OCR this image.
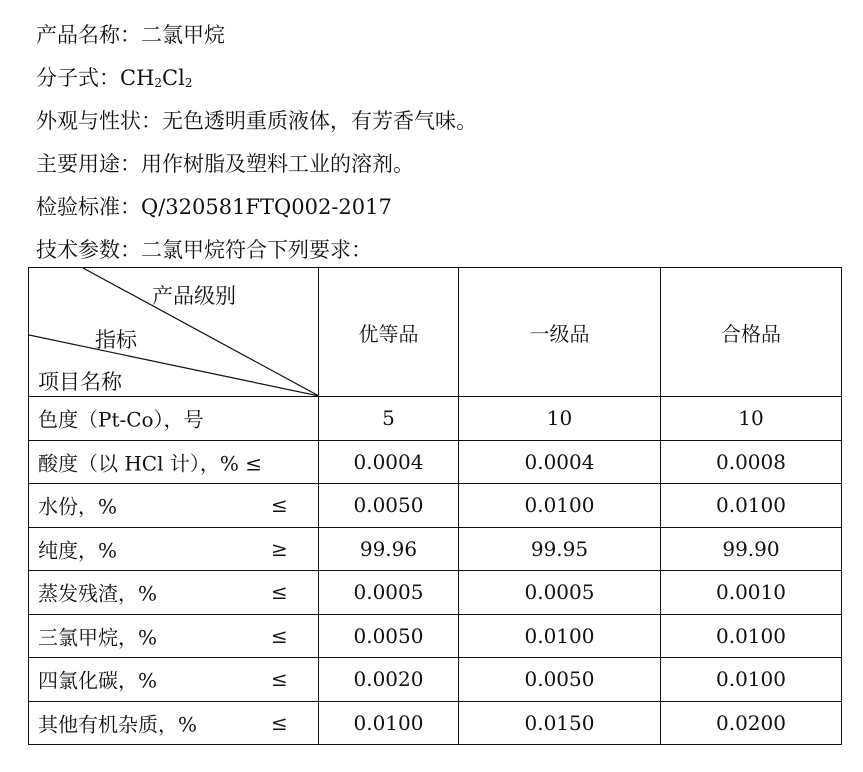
产品名称：二氯甲烷
分子式：$CH_2Cl_2$
外观与性状：无色透明重质液体，有芳香气味。
主要用途：用作树脂及塑料工业的溶剂。
检验标准：Q/320581FTQ002-2017
技术参数：二氯甲烷符合下列要求：
产品级别
指标
项目名称	优等品	一级品	合格品

色度（Pt-Co），号	5	10	10

酸度（以 HCl 计），% ≤	0.0004	0.0004	0.0008

水份，% ≤	0.0050	0.0100	0.0100

纯度，% ≥	99.96	99.95	99.90

蒸发残渣，% ≤	0.0005	0.0005	0.0010

三氯甲烷，% ≤	0.0050	0.0100	0.0100

四氯化碳，% ≤	0.0020	0.0050	0.0100

其他有机杂质，% ≤	0.0100	0.0150	0.0200
